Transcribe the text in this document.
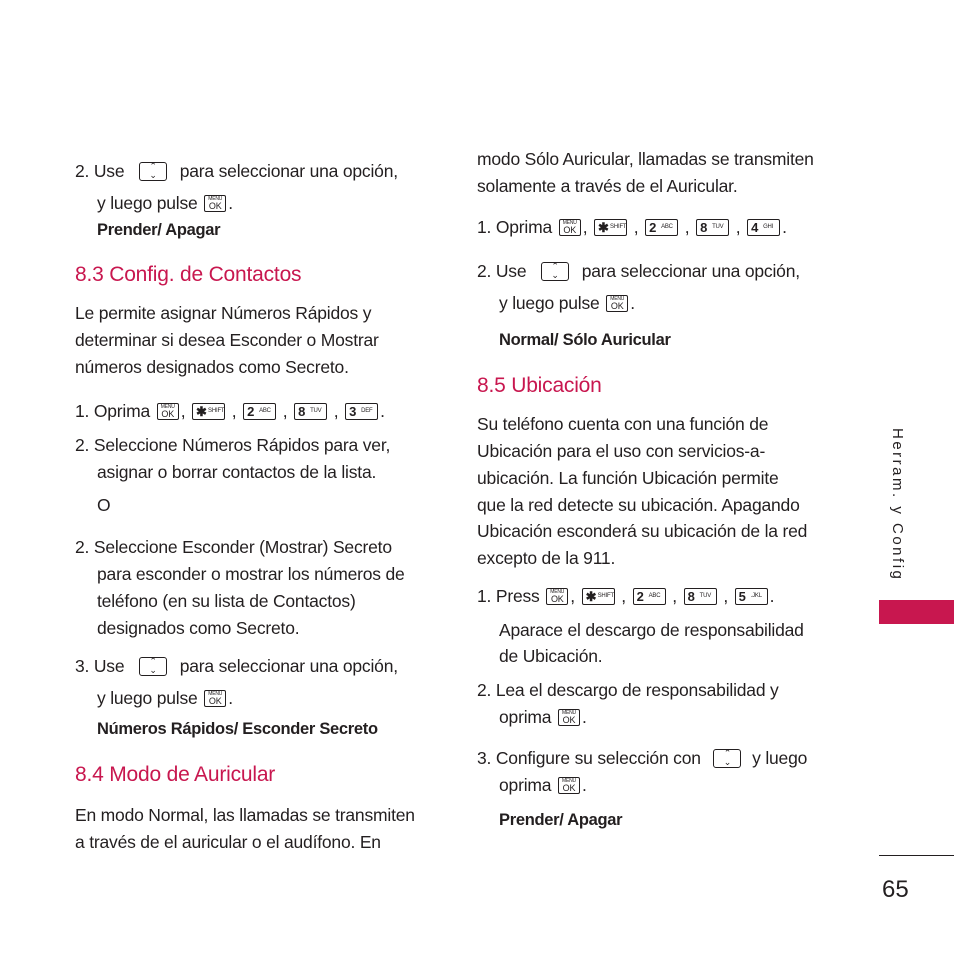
2. Use	⌃
⌄	para seleccionar una opción,
y luego pulse	MENU
OK .
Prender/ Apagar
8.3 Config. de Contactos
Le permite asignar Números Rápidos y
determinar si desea Esconder o Mostrar
números designados como Secreto.
1. Oprima	MENU
OK , ✱ SHIFT , 2 ABC , 8 TUV , 3 DEF .
2. Seleccione Números Rápidos para ver,
asignar o borrar contactos de la lista.
O
2. Seleccione Esconder (Mostrar) Secreto
para esconder o mostrar los números de
teléfono (en su lista de Contactos)
designados como Secreto.
3. Use	⌃
⌄	para seleccionar una opción,
y luego pulse	MENU
OK .
Números Rápidos/ Esconder Secreto
8.4 Modo de Auricular
En modo Normal, las llamadas se transmiten
a través de el auricular o el audífono. En
modo Sólo Auricular, llamadas se transmiten
solamente a través de el Auricular.
1. Oprima	MENU
OK , ✱ SHIFT , 2 ABC , 8 TUV , 4 GHI .
2. Use	⌃
⌄	para seleccionar una opción,
y luego pulse	MENU
OK .
Normal/ Sólo Auricular
8.5 Ubicación
Su teléfono cuenta con una función de
Ubicación para el uso con servicios-a-
ubicación. La función Ubicación permite
que la red detecte su ubicación. Apagando
Ubicación esconderá su ubicación de la red
excepto de la 911.
1. Press	MENU
OK , ✱ SHIFT , 2 ABC , 8 TUV , 5 .JKL .
Aparace el descargo de responsabilidad
de Ubicación.
2. Lea el descargo de responsabilidad y
oprima	MENU
OK .
3. Configure su selección con	⌃
⌄	y luego
oprima	MENU
OK .
Prender/ Apagar
Herram. y Config
65
